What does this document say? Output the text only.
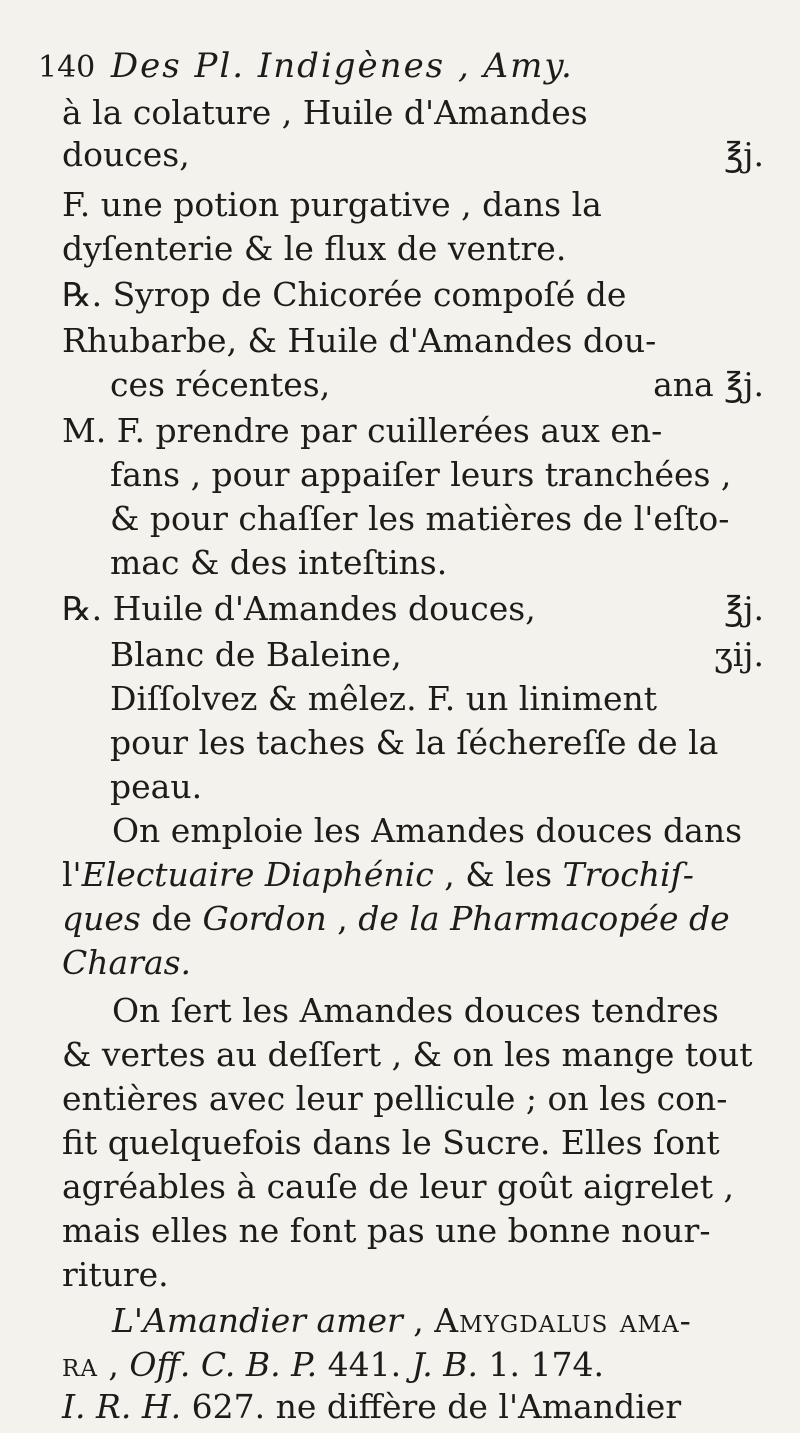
140 Des Pl. Indigènes , Amy.
à la colature , Huile d'Amandes
douces,	℥j.
F. une potion purgative , dans la
dyſenterie & le flux de ventre.
℞. Syrop de Chicorée compoſé de
Rhubarbe, & Huile d'Amandes dou-
ces récentes,	ana ℥j.
M. F. prendre par cuillerées aux en-
fans , pour appaiſer leurs tranchées ,
& pour chaſſer les matières de l'eſto-
mac & des inteſtins.
℞. Huile d'Amandes douces,	℥j.
Blanc de Baleine,	ʒij.
Diſſolvez & mêlez. F. un liniment
pour les taches & la ſéchereſſe de la
peau.
On emploie les Amandes douces dans
l'Electuaire Diaphénic , & les Trochiſ-
ques de Gordon , de la Pharmacopée de
Charas.
On ſert les Amandes douces tendres
& vertes au deſſert , & on les mange tout
entières avec leur pellicule ; on les con-
fit quelquefois dans le Sucre. Elles ſont
agréables à cauſe de leur goût aigrelet ,
mais elles ne font pas une bonne nour-
riture.
L'Amandier amer , Amygdalus ama-
ra , Off. C. B. P. 441. J. B. 1. 174.
I. R. H. 627. ne diffère de l'Amandier
